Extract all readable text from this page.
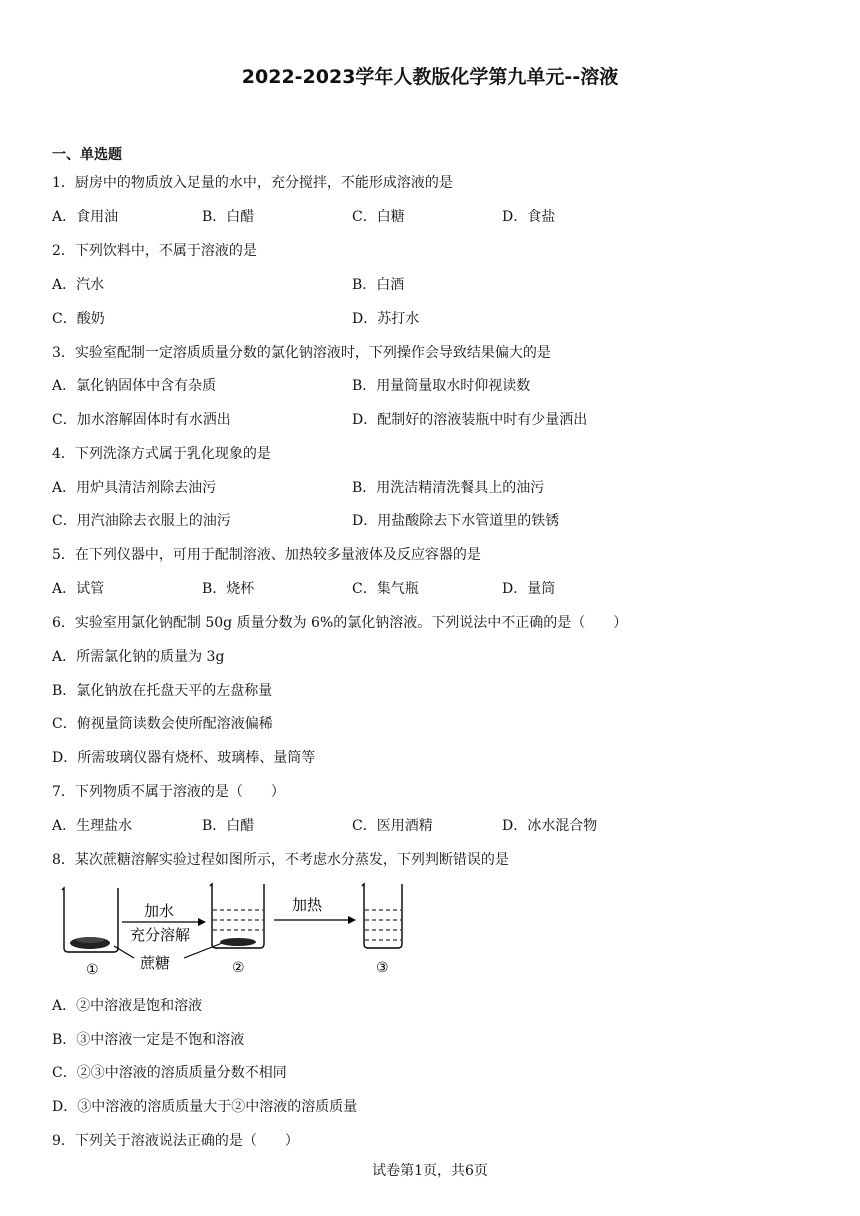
2022-2023学年人教版化学第九单元--溶液
一、单选题
1．厨房中的物质放入足量的水中，充分搅拌，不能形成溶液的是
A．食用油	B．白醋	C．白糖	D．食盐
2．下列饮料中，不属于溶液的是
A．汽水	B．白酒
C．酸奶	D．苏打水
3．实验室配制一定溶质质量分数的氯化钠溶液时，下列操作会导致结果偏大的是
A．氯化钠固体中含有杂质	B．用量筒量取水时仰视读数
C．加水溶解固体时有水洒出	D．配制好的溶液装瓶中时有少量洒出
4．下列洗涤方式属于乳化现象的是
A．用炉具清洁剂除去油污	B．用洗洁精清洗餐具上的油污
C．用汽油除去衣服上的油污	D．用盐酸除去下水管道里的铁锈
5．在下列仪器中，可用于配制溶液、加热较多量液体及反应容器的是
A．试管	B．烧杯	C．集气瓶	D．量筒
6．实验室用氯化钠配制 50g 质量分数为 6%的氯化钠溶液。下列说法中不正确的是（　　）
A．所需氯化钠的质量为 3g
B．氯化钠放在托盘天平的左盘称量
C．俯视量筒读数会使所配溶液偏稀
D．所需玻璃仪器有烧杯、玻璃棒、量筒等
7．下列物质不属于溶液的是（　　）
A．生理盐水	B．白醋	C．医用酒精	D．冰水混合物
8．某次蔗糖溶解实验过程如图所示，不考虑水分蒸发，下列判断错误的是
①
加水
充分溶解
蔗糖	②
加热
③
A．②中溶液是饱和溶液
B．③中溶液一定是不饱和溶液
C．②③中溶液的溶质质量分数不相同
D．③中溶液的溶质质量大于②中溶液的溶质质量
9．下列关于溶液说法正确的是（　　）
试卷第1页，共6页
